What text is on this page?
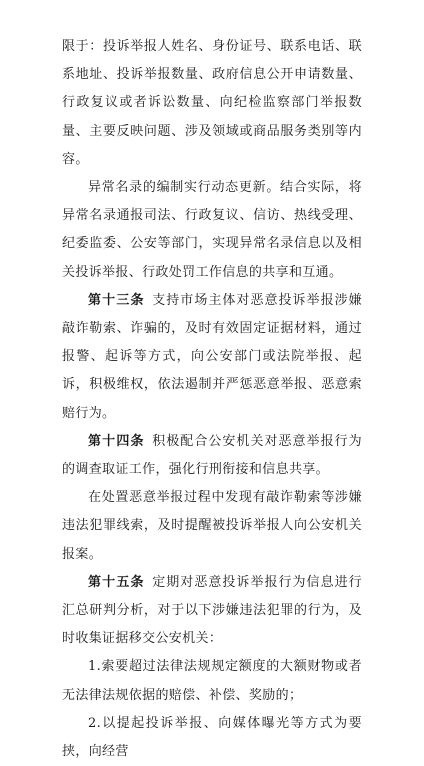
限于：投诉举报人姓名、身份证号、联系电话、联系地址、投诉举报数量、政府信息公开申请数量、行政复议或者诉讼数量、向纪检监察部门举报数量、主要反映问题、涉及领域或商品服务类别等内容。

异常名录的编制实行动态更新。结合实际，将异常名录通报司法、行政复议、信访、热线受理、纪委监委、公安等部门，实现异常名录信息以及相关投诉举报、行政处罚工作信息的共享和互通。

第十三条  支持市场主体对恶意投诉举报涉嫌敲诈勒索、诈骗的，及时有效固定证据材料，通过报警、起诉等方式，向公安部门或法院举报、起诉，积极维权，依法遏制并严惩恶意举报、恶意索赔行为。

第十四条  积极配合公安机关对恶意举报行为的调查取证工作，强化行刑衔接和信息共享。

在处置恶意举报过程中发现有敲诈勒索等涉嫌违法犯罪线索，及时提醒被投诉举报人向公安机关报案。

第十五条  定期对恶意投诉举报行为信息进行汇总研判分析，对于以下涉嫌违法犯罪的行为，及时收集证据移交公安机关：

1.索要超过法律法规规定额度的大额财物或者无法律法规依据的赔偿、补偿、奖励的；

2.以提起投诉举报、向媒体曝光等方式为要挟，向经营
